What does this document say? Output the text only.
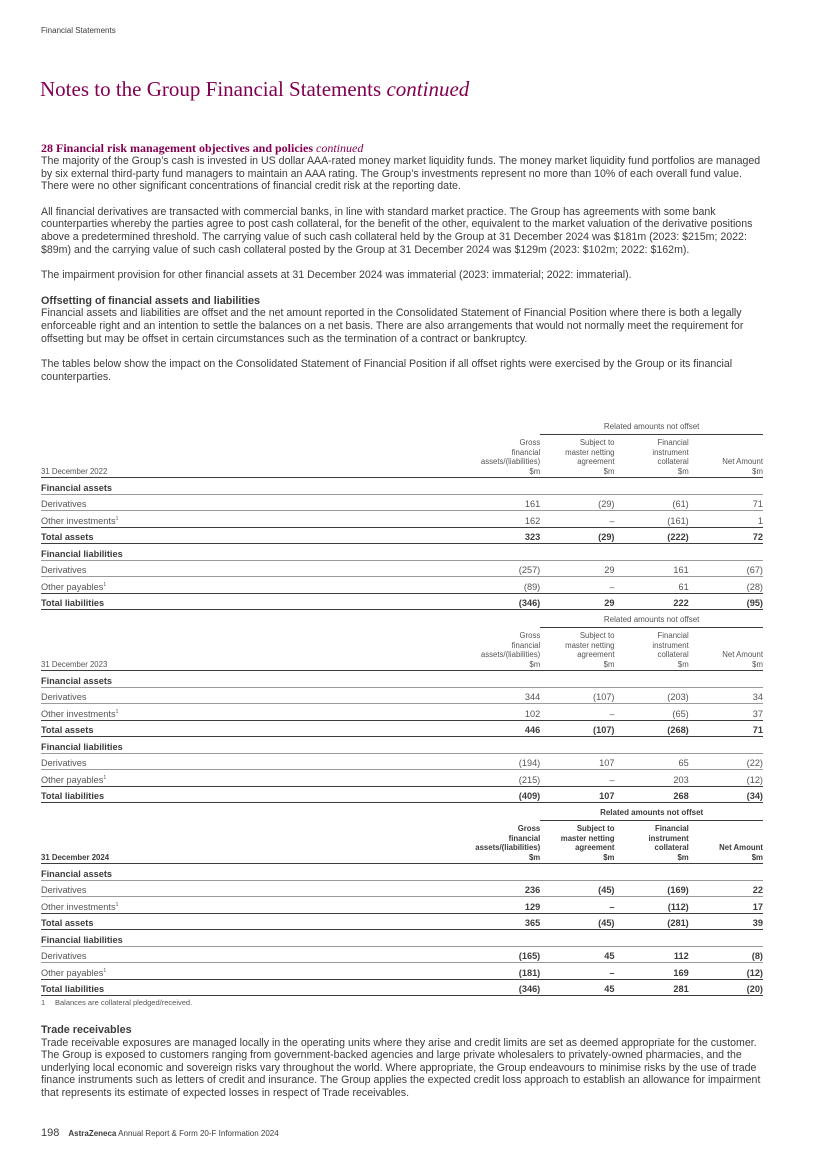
Financial Statements
Notes to the Group Financial Statements continued
28 Financial risk management objectives and policies continued

The majority of the Group’s cash is invested in US dollar AAA-rated money market liquidity funds. The money market liquidity fund portfolios are managed by six external third-party fund managers to maintain an AAA rating. The Group’s investments represent no more than 10% of each overall fund value. There were no other significant concentrations of financial credit risk at the reporting date.

All financial derivatives are transacted with commercial banks, in line with standard market practice. The Group has agreements with some bank counterparties whereby the parties agree to post cash collateral, for the benefit of the other, equivalent to the market valuation of the derivative positions above a predetermined threshold. The carrying value of such cash collateral held by the Group at 31 December 2024 was $181m (2023: $215m; 2022: $89m) and the carrying value of such cash collateral posted by the Group at 31 December 2024 was $129m (2023: $102m; 2022: $162m).

The impairment provision for other financial assets at 31 December 2024 was immaterial (2023: immaterial; 2022: immaterial).

Offsetting of financial assets and liabilities

Financial assets and liabilities are offset and the net amount reported in the Consolidated Statement of Financial Position where there is both a legally enforceable right and an intention to settle the balances on a net basis. There are also arrangements that would not normally meet the requirement for offsetting but may be offset in certain circumstances such as the termination of a contract or bankruptcy.

The tables below show the impact on the Consolidated Statement of Financial Position if all offset rights were exercised by the Group or its financial counterparties.

		Related amounts not offset		
31 December 2022	Gross
financial
assets/(liabilities)
$m	Subject to
master netting
agreement
$m	Financial
instrument
collateral
$m	Net Amount
$m
Financial assets				
Derivatives	161	(29)	(61)	71
Other investments$^1$	162	–	(161)	1
Total assets	323	(29)	(222)	72
Financial liabilities				
Derivatives	(257)	29	161	(67)
Other payables$^1$	(89)	–	61	(28)
Total liabilities	(346)	29	222	(95)
		Related amounts not offset		
31 December 2023	Gross
financial
assets/(liabilities)
$m	Subject to
master netting
agreement
$m	Financial
instrument
collateral
$m	Net Amount
$m
Financial assets				
Derivatives	344	(107)	(203)	34
Other investments$^1$	102	–	(65)	37
Total assets	446	(107)	(268)	71
Financial liabilities				
Derivatives	(194)	107	65	(22)
Other payables$^1$	(215)	–	203	(12)
Total liabilities	(409)	107	268	(34)
		Related amounts not offset		
31 December 2024	Gross
financial
assets/(liabilities)
$m	Subject to
master netting
agreement
$m	Financial
instrument
collateral
$m	Net Amount
$m
Financial assets				
Derivatives	236	(45)	(169)	22
Other investments$^1$	129	–	(112)	17
Total assets	365	(45)	(281)	39
Financial liabilities				
Derivatives	(165)	45	112	(8)
Other payables$^1$	(181)	–	169	(12)
Total liabilities	(346)	45	281	(20)
1 Balances are collateral pledged/received.

Trade receivables

Trade receivable exposures are managed locally in the operating units where they arise and credit limits are set as deemed appropriate for the customer. The Group is exposed to customers ranging from government-backed agencies and large private wholesalers to privately-owned pharmacies, and the underlying local economic and sovereign risks vary throughout the world. Where appropriate, the Group endeavours to minimise risks by the use of trade finance instruments such as letters of credit and insurance. The Group applies the expected credit loss approach to establish an allowance for impairment that represents its estimate of expected losses in respect of Trade receivables.

198 AstraZeneca Annual Report & Form 20-F Information 2024
